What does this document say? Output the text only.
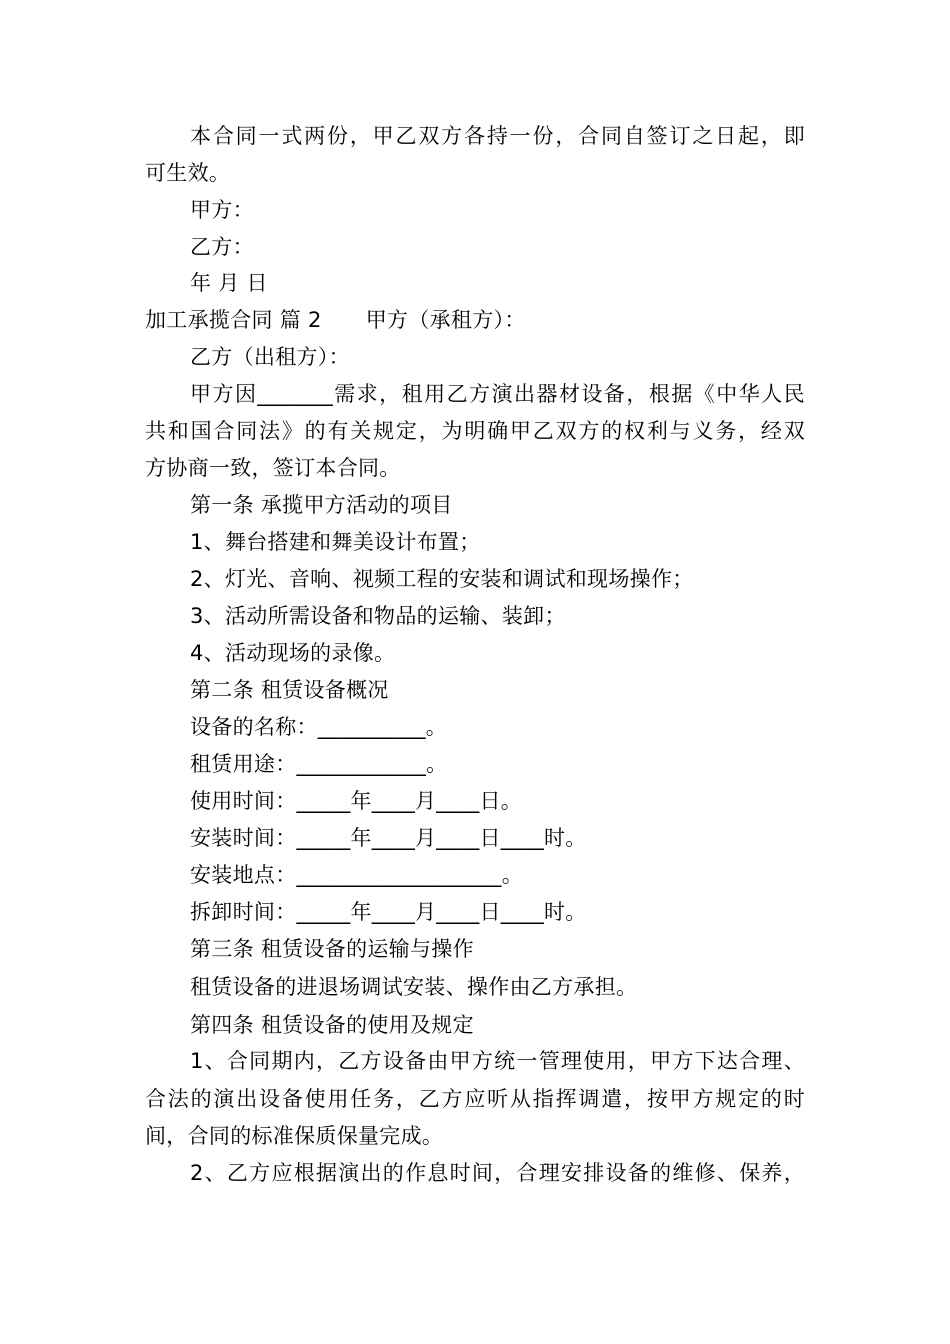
本合同一式两份，甲乙双方各持一份，合同自签订之日起，即
可生效。
甲方：
乙方：
年 月 日
加工承揽合同 篇 2 甲方（承租方）：
乙方（出租方）：
甲方因_______需求，租用乙方演出器材设备，根据《中华人民
共和国合同法》的有关规定，为明确甲乙双方的权利与义务，经双
方协商一致，签订本合同。
第一条 承揽甲方活动的项目
1、舞台搭建和舞美设计布置；
2、灯光、音响、视频工程的安装和调试和现场操作；
3、活动所需设备和物品的运输、装卸；
4、活动现场的录像。
第二条 租赁设备概况
设备的名称：__________。
租赁用途：____________。
使用时间：_____年____月____日。
安装时间：_____年____月____日____时。
安装地点：___________________。
拆卸时间：_____年____月____日____时。
第三条 租赁设备的运输与操作
租赁设备的进退场调试安装、操作由乙方承担。
第四条 租赁设备的使用及规定
1、合同期内，乙方设备由甲方统一管理使用，甲方下达合理、
合法的演出设备使用任务，乙方应听从指挥调遣，按甲方规定的时
间，合同的标准保质保量完成。
2、乙方应根据演出的作息时间，合理安排设备的维修、保养，
